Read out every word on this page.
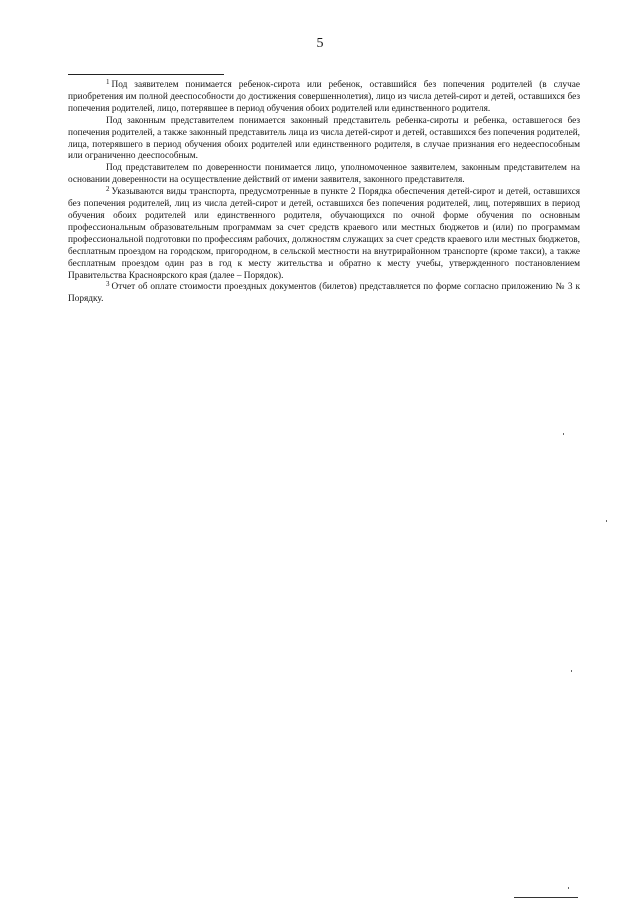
5

$^1$ Под заявителем понимается ребенок-сирота или ребенок, оставшийся без попечения родителей (в случае приобретения им полной дееспособности до достижения совершеннолетия), лицо из числа детей-сирот и детей, оставшихся без попечения родителей, лицо, потерявшее в период обучения обоих родителей или единственного родителя.

Под законным представителем понимается законный представитель ребенка-сироты и ребенка, оставшегося без попечения родителей, а также законный представитель лица из числа детей-сирот и детей, оставшихся без попечения родителей, лица, потерявшего в период обучения обоих родителей или единственного родителя, в случае признания его недееспособным или ограниченно дееспособным.

Под представителем по доверенности понимается лицо, уполномоченное заявителем, законным представителем на основании доверенности на осуществление действий от имени заявителя, законного представителя.

$^2$ Указываются виды транспорта, предусмотренные в пункте 2 Порядка обеспечения детей-сирот и детей, оставшихся без попечения родителей, лиц из числа детей-сирот и детей, оставшихся без попечения родителей, лиц, потерявших в период обучения обоих родителей или единственного родителя, обучающихся по очной форме обучения по основным профессиональным образовательным программам за счет средств краевого или местных бюджетов и (или) по программам профессиональной подготовки по профессиям рабочих, должностям служащих за счет средств краевого или местных бюджетов, бесплатным проездом на городском, пригородном, в сельской местности на внутрирайонном транспорте (кроме такси), а также бесплатным проездом один раз в год к месту жительства и обратно к месту учебы, утвержденного постановлением Правительства Красноярского края (далее – Порядок).

$^3$ Отчет об оплате стоимости проездных документов (билетов) представляется по форме согласно приложению № 3 к Порядку.
